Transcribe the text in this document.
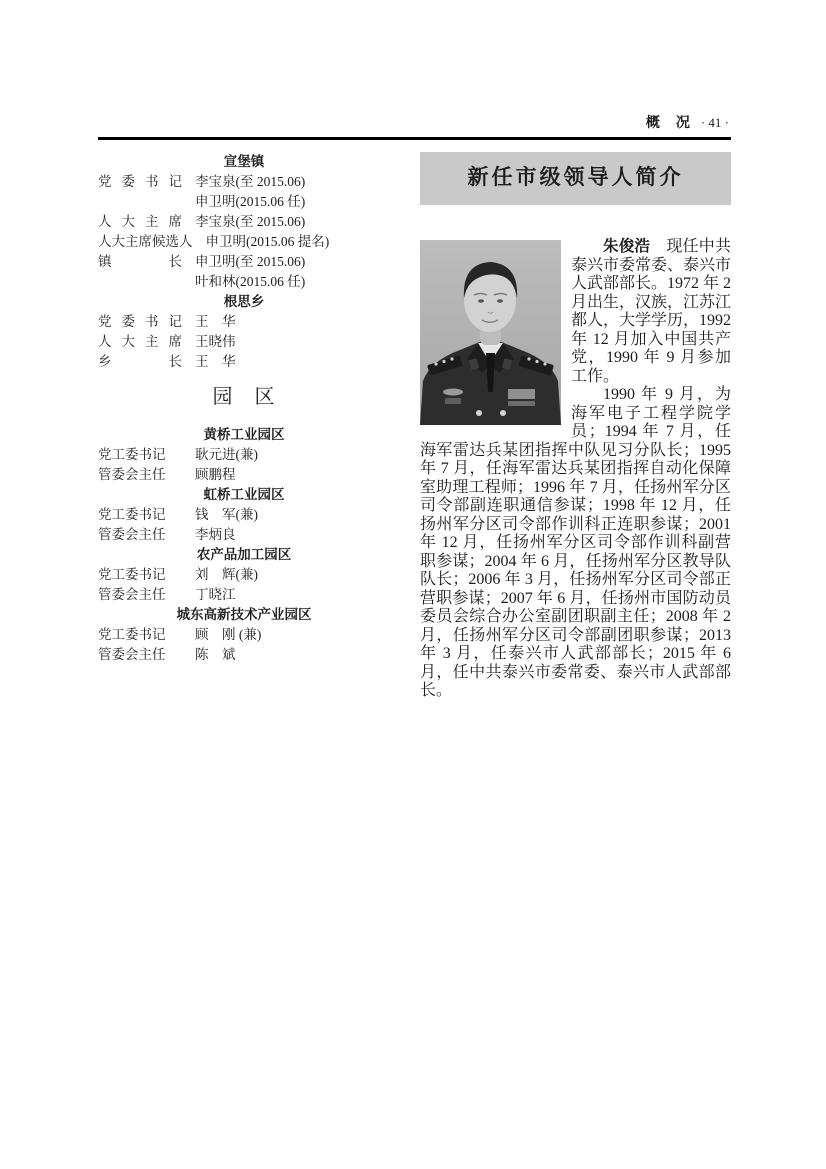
概　况 · 41 ·
宣堡镇
党委书记 李宝泉(至 2015.06)
申卫明(2015.06 任)
人大主席 李宝泉(至 2015.06)
人大主席候选人 申卫明(2015.06 提名)
镇长 申卫明(至 2015.06)
叶和林(2015.06 任)
根思乡
党委书记 王　华
人大主席 王晓伟
乡长 王　华
园　区
黄桥工业园区
党工委书记 耿元进(兼)
管委会主任 顾鹏程
虹桥工业园区
党工委书记 钱　军(兼)
管委会主任 李炳良
农产品加工园区
党工委书记 刘　辉(兼)
管委会主任 丁晓江
城东高新技术产业园区
党工委书记 顾　刚 (兼)
管委会主任 陈　斌
新任市级领导人简介

朱俊浩　现任中共泰兴市委常委、泰兴市人武部部长。1972 年 2 月出生，汉族，江苏江都人，大学学历，1992 年 12 月加入中国共产党，1990 年 9 月参加工作。

1990 年 9 月，为海军电子工程学院学员；1994 年 7 月，任海军雷达兵某团指挥中队见习分队长；1995 年 7 月，任海军雷达兵某团指挥自动化保障室助理工程师；1996 年 7 月，任扬州军分区司令部副连职通信参谋；1998 年 12 月，任扬州军分区司令部作训科正连职参谋；2001 年 12 月，任扬州军分区司令部作训科副营职参谋；2004 年 6 月，任扬州军分区教导队队长；2006 年 3 月，任扬州军分区司令部正营职参谋；2007 年 6 月，任扬州市国防动员委员会综合办公室副团职副主任；2008 年 2 月，任扬州军分区司令部副团职参谋；2013 年 3 月，任泰兴市人武部部长；2015 年 6 月，任中共泰兴市委常委、泰兴市人武部部长。
